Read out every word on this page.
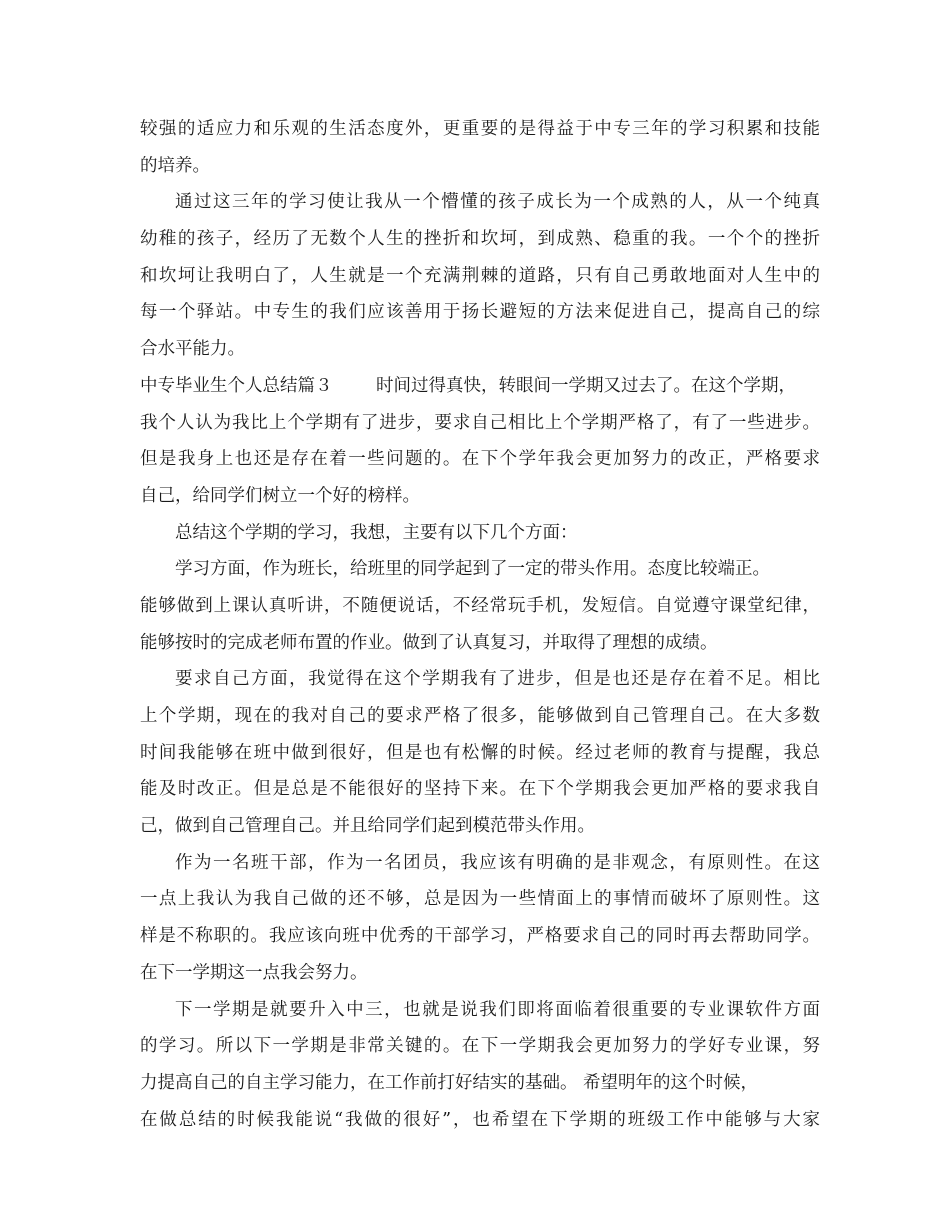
较强的适应力和乐观的生活态度外，更重要的是得益于中专三年的学习积累和技能
的培养。
通过这三年的学习使让我从一个懵懂的孩子成长为一个成熟的人，从一个纯真
幼稚的孩子，经历了无数个人生的挫折和坎坷，到成熟、稳重的我。一个个的挫折
和坎坷让我明白了，人生就是一个充满荆棘的道路，只有自己勇敢地面对人生中的
每一个驿站。中专生的我们应该善用于扬长避短的方法来促进自己，提高自己的综
合水平能力。
中专毕业生个人总结篇３ 时间过得真快，转眼间一学期又过去了。在这个学期，
我个人认为我比上个学期有了进步，要求自己相比上个学期严格了，有了一些进步。
但是我身上也还是存在着一些问题的。在下个学年我会更加努力的改正，严格要求
自己，给同学们树立一个好的榜样。
总结这个学期的学习，我想，主要有以下几个方面：
学习方面，作为班长，给班里的同学起到了一定的带头作用。态度比较端正。
能够做到上课认真听讲，不随便说话，不经常玩手机，发短信。自觉遵守课堂纪律，
能够按时的完成老师布置的作业。做到了认真复习，并取得了理想的成绩。
要求自己方面，我觉得在这个学期我有了进步，但是也还是存在着不足。相比
上个学期，现在的我对自己的要求严格了很多，能够做到自己管理自己。在大多数
时间我能够在班中做到很好，但是也有松懈的时候。经过老师的教育与提醒，我总
能及时改正。但是总是不能很好的坚持下来。在下个学期我会更加严格的要求我自
己，做到自己管理自己。并且给同学们起到模范带头作用。
作为一名班干部，作为一名团员，我应该有明确的是非观念，有原则性。在这
一点上我认为我自己做的还不够，总是因为一些情面上的事情而破坏了原则性。这
样是不称职的。我应该向班中优秀的干部学习，严格要求自己的同时再去帮助同学。
在下一学期这一点我会努力。
下一学期是就要升入中三，也就是说我们即将面临着很重要的专业课软件方面
的学习。所以下一学期是非常关键的。在下一学期我会更加努力的学好专业课，努
力提高自己的自主学习能力，在工作前打好结实的基础。 希望明年的这个时候，
在做总结的时候我能说“我做的很好”，也希望在下学期的班级工作中能够与大家
